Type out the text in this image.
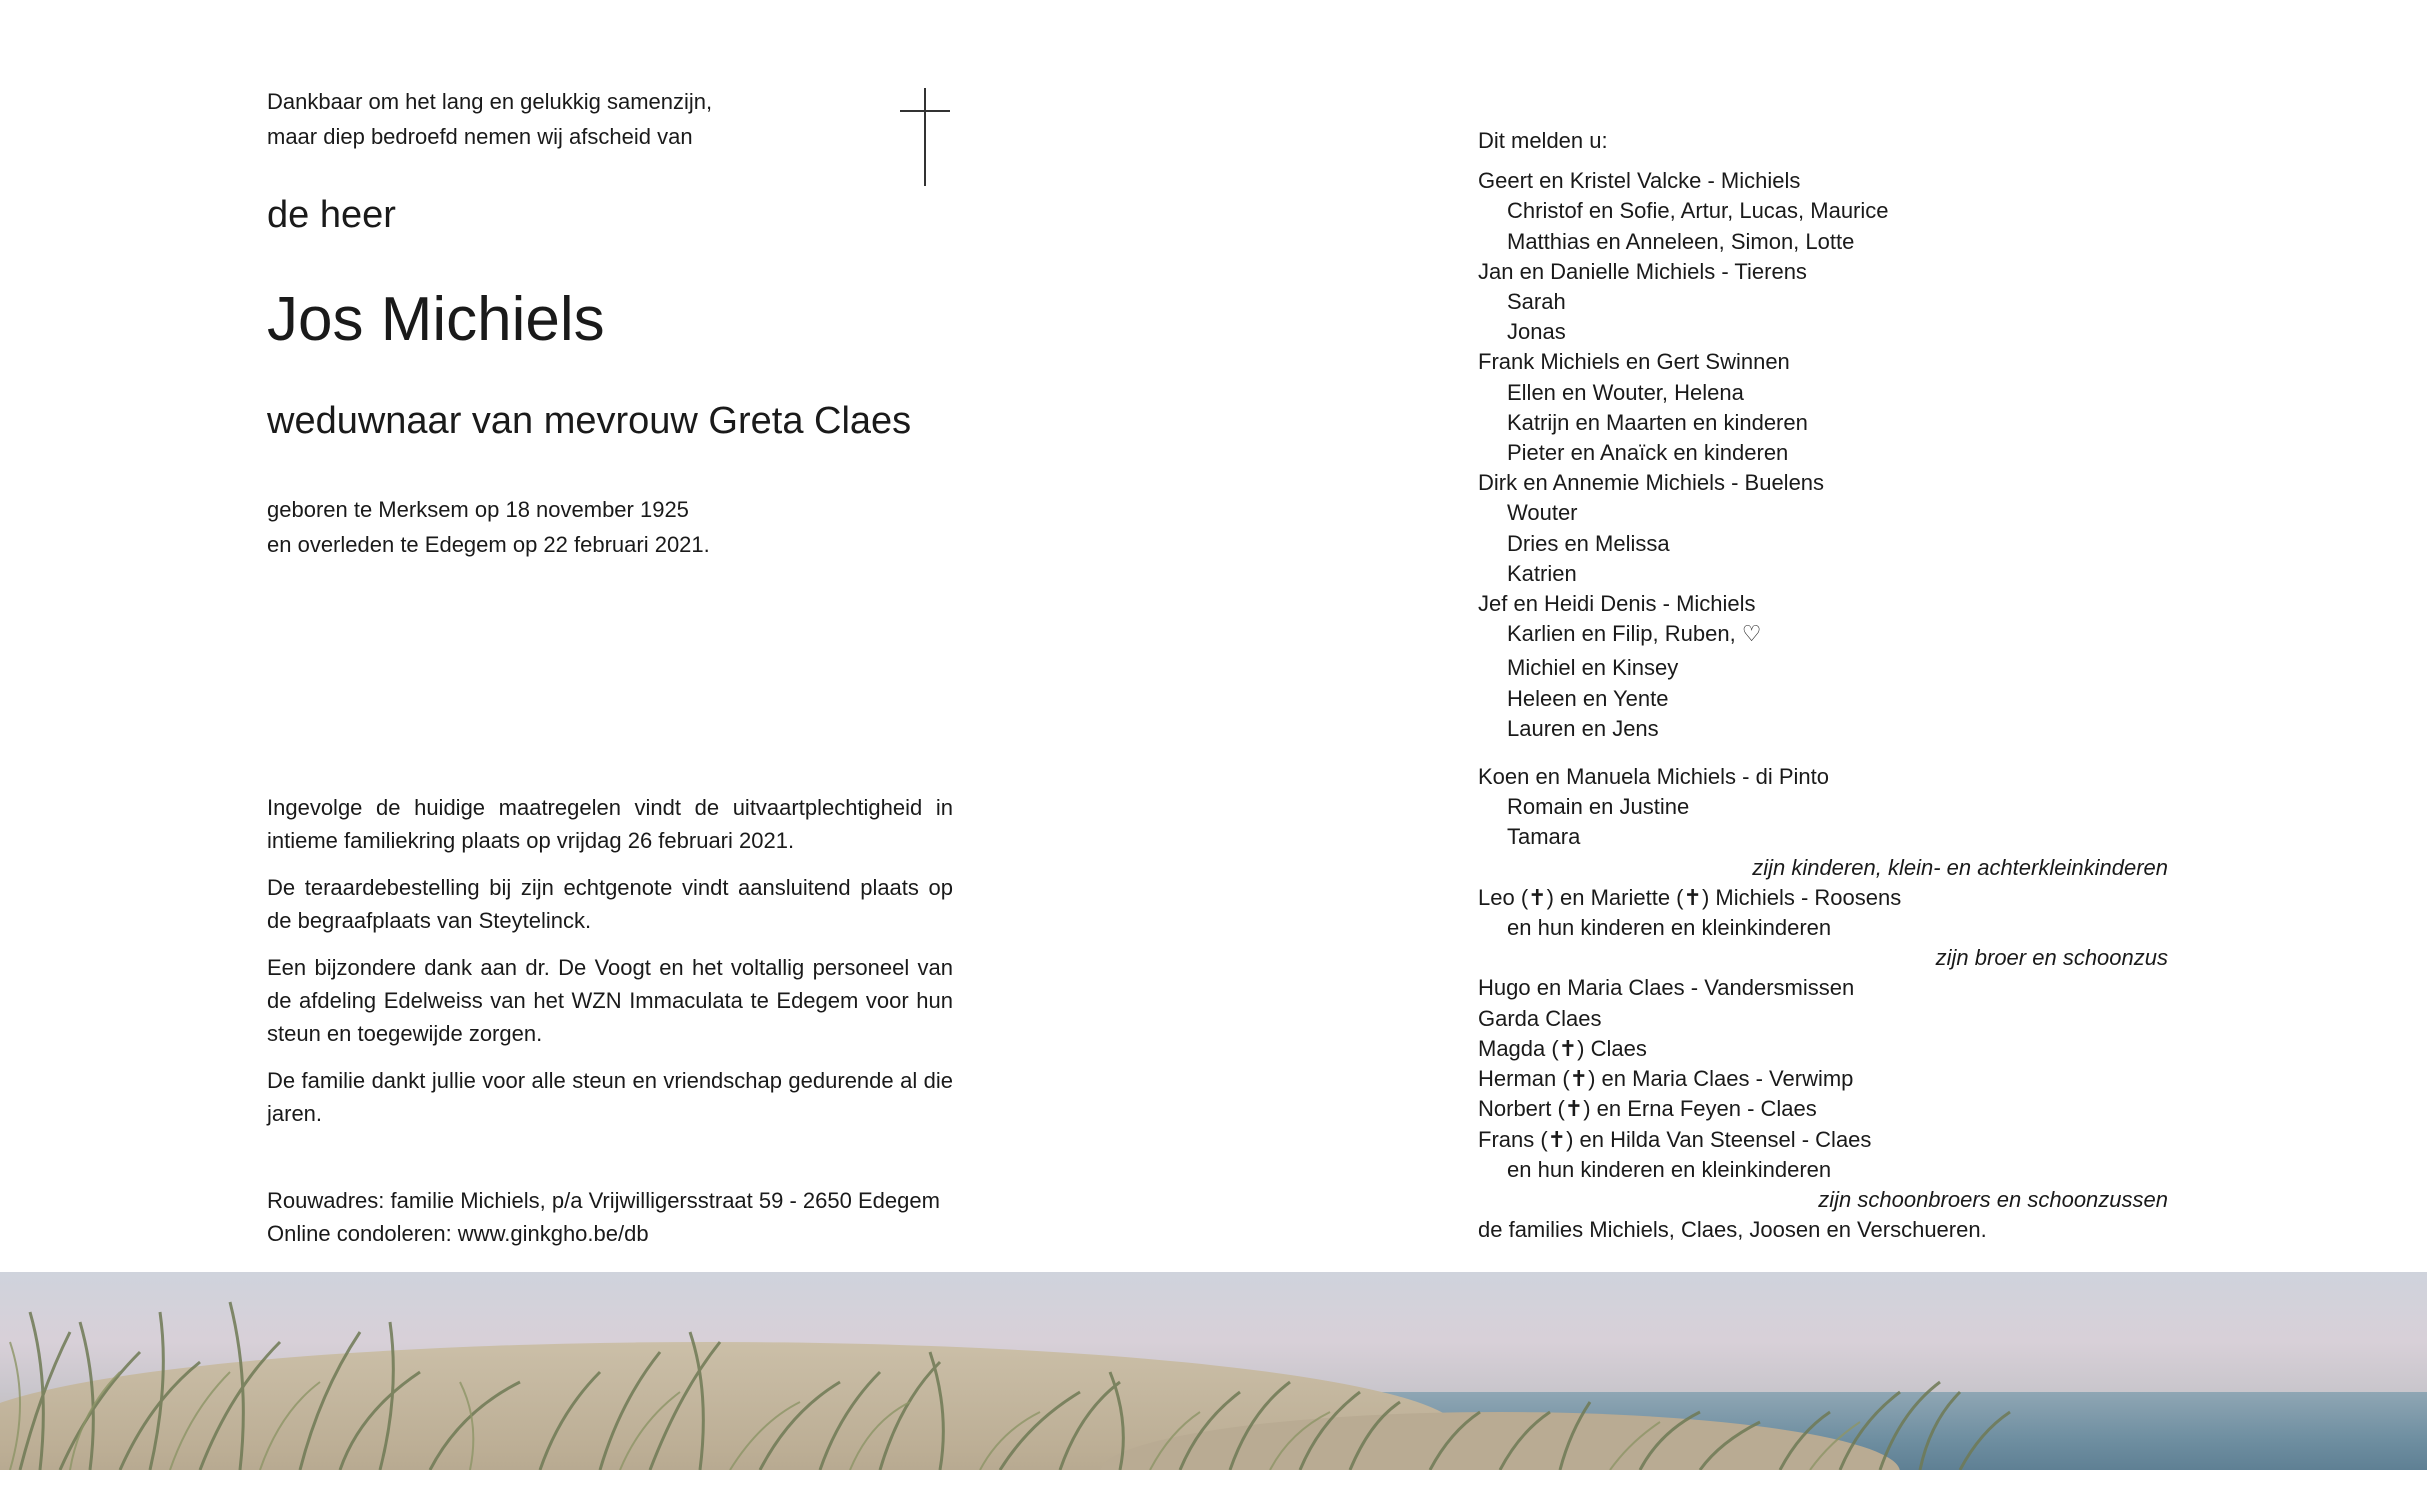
Dankbaar om het lang en gelukkig samenzijn,
maar diep bedroefd nemen wij afscheid van
de heer
Jos Michiels
weduwnaar van mevrouw Greta Claes
geboren te Merksem op 18 november 1925
en overleden te Edegem op 22 februari 2021.

Ingevolge de huidige maatregelen vindt de uitvaartplechtigheid in intieme familiekring plaats op vrijdag 26 februari 2021.

De teraardebestelling bij zijn echtgenote vindt aansluitend plaats op de begraafplaats van Steytelinck.

Een bijzondere dank aan dr. De Voogt en het voltallig personeel van de afdeling Edelweiss van het WZN Immaculata te Edegem voor hun steun en toegewijde zorgen.

De familie dankt jullie voor alle steun en vriendschap gedurende al die jaren.

Rouwadres: familie Michiels, p/a Vrijwilligersstraat 59 - 2650 Edegem
Online condoleren: www.ginkgho.be/db
Dit melden u:
Geert en Kristel Valcke - Michiels
Christof en Sofie, Artur, Lucas, Maurice
Matthias en Anneleen, Simon, Lotte
Jan en Danielle Michiels - Tierens
Sarah
Jonas
Frank Michiels en Gert Swinnen
Ellen en Wouter, Helena
Katrijn en Maarten en kinderen
Pieter en Anaïck en kinderen
Dirk en Annemie Michiels - Buelens
Wouter
Dries en Melissa
Katrien
Jef en Heidi Denis - Michiels
Karlien en Filip, Ruben, ♡
Michiel en Kinsey
Heleen en Yente
Lauren en Jens
Koen en Manuela Michiels - di Pinto
Romain en Justine
Tamara
zijn kinderen, klein- en achterkleinkinderen
Leo (✝) en Mariette (✝) Michiels - Roosens
en hun kinderen en kleinkinderen
zijn broer en schoonzus
Hugo en Maria Claes - Vandersmissen
Garda Claes
Magda (✝) Claes
Herman (✝) en Maria Claes - Verwimp
Norbert (✝) en Erna Feyen - Claes
Frans (✝) en Hilda Van Steensel - Claes
en hun kinderen en kleinkinderen
zijn schoonbroers en schoonzussen
de families Michiels, Claes, Joosen en Verschueren.
